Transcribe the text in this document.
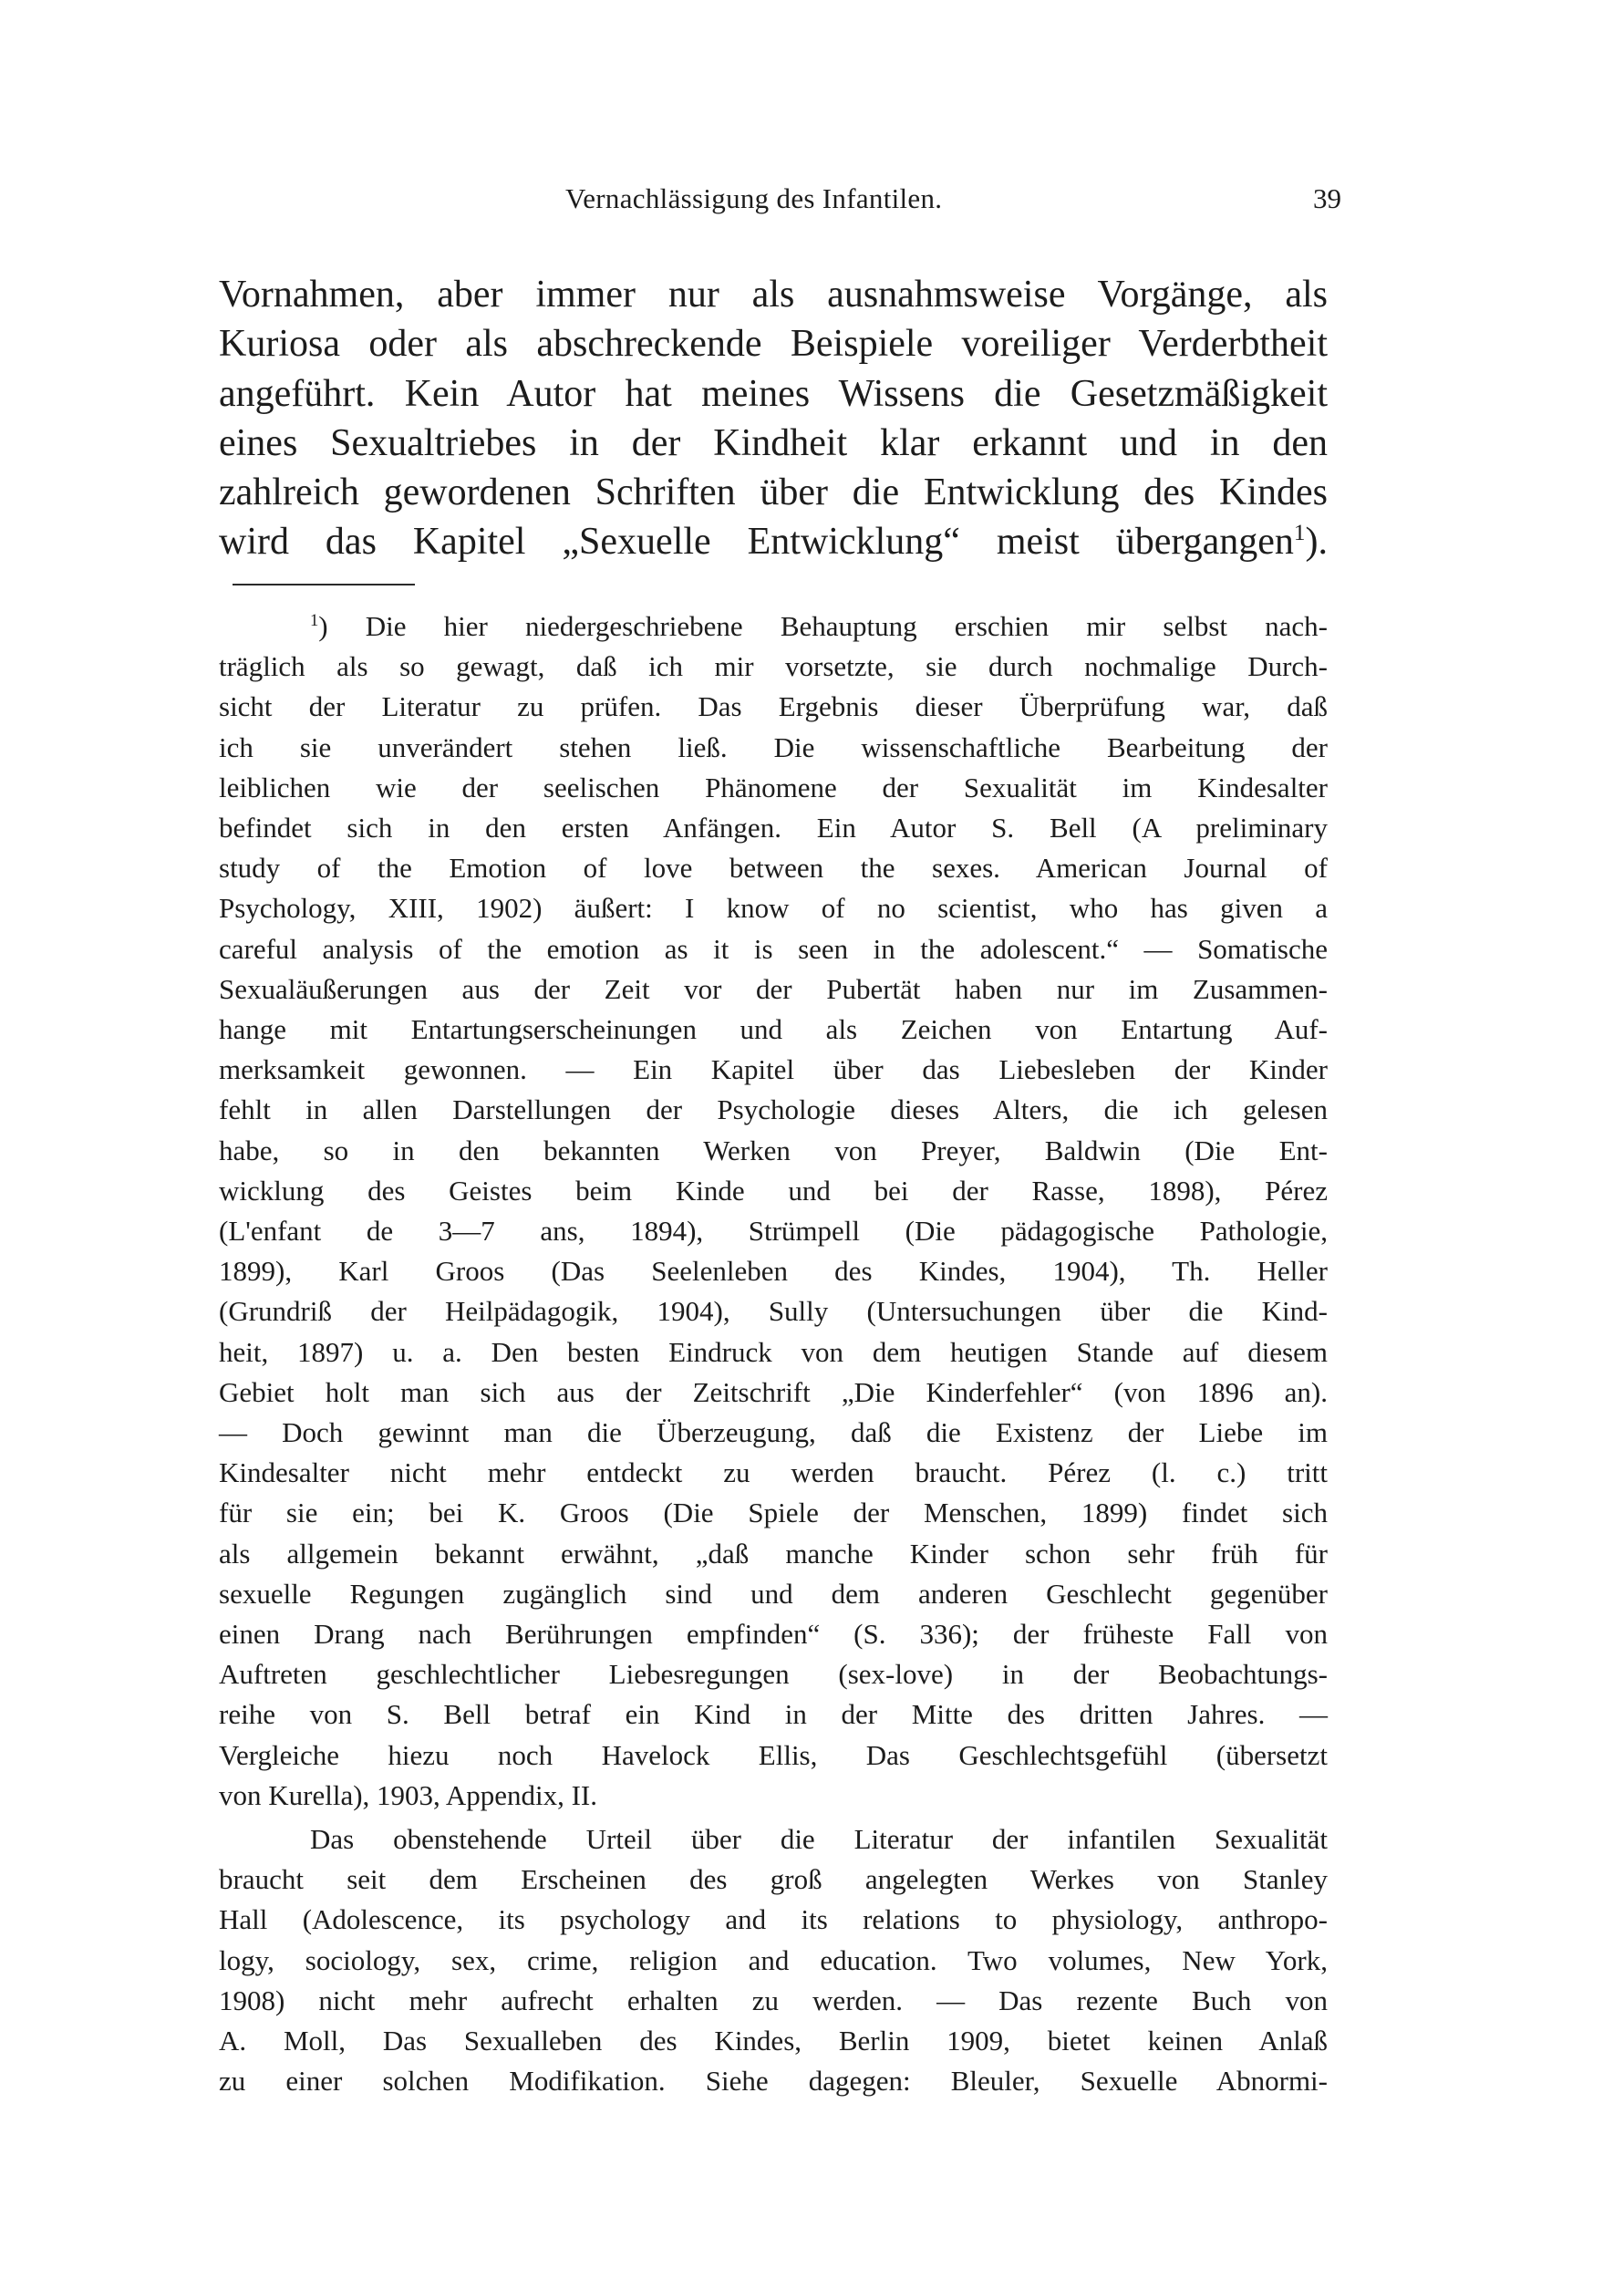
Vernachlässigung des Infantilen.	39
Vornahmen, aber immer nur als ausnahmsweise Vorgänge, als
Kuriosa oder als abschreckende Beispiele voreiliger Verderbtheit
angeführt. Kein Autor hat meines Wissens die Gesetzmäßigkeit
eines Sexualtriebes in der Kindheit klar erkannt und in den
zahlreich gewordenen Schriften über die Entwicklung des Kindes
wird das Kapitel „Sexuelle Entwicklung“ meist übergangen$^1$).
$^1$) Die hier niedergeschriebene Behauptung erschien mir selbst nach-
träglich als so gewagt, daß ich mir vorsetzte, sie durch nochmalige Durch-
sicht der Literatur zu prüfen. Das Ergebnis dieser Überprüfung war, daß
ich sie unverändert stehen ließ. Die wissenschaftliche Bearbeitung der
leiblichen wie der seelischen Phänomene der Sexualität im Kindesalter
befindet sich in den ersten Anfängen. Ein Autor S. Bell (A preliminary
study of the Emotion of love between the sexes. American Journal of
Psychology, XIII, 1902) äußert: I know of no scientist, who has given a
careful analysis of the emotion as it is seen in the adolescent.“ — Somatische
Sexualäußerungen aus der Zeit vor der Pubertät haben nur im Zusammen-
hange mit Entartungserscheinungen und als Zeichen von Entartung Auf-
merksamkeit gewonnen. — Ein Kapitel über das Liebesleben der Kinder
fehlt in allen Darstellungen der Psychologie dieses Alters, die ich gelesen
habe, so in den bekannten Werken von Preyer, Baldwin (Die Ent-
wicklung des Geistes beim Kinde und bei der Rasse, 1898), Pérez
(L'enfant de 3—7 ans, 1894), Strümpell (Die pädagogische Pathologie,
1899), Karl Groos (Das Seelenleben des Kindes, 1904), Th. Heller
(Grundriß der Heilpädagogik, 1904), Sully (Untersuchungen über die Kind-
heit, 1897) u. a. Den besten Eindruck von dem heutigen Stande auf diesem
Gebiet holt man sich aus der Zeitschrift „Die Kinderfehler“ (von 1896 an).
— Doch gewinnt man die Überzeugung, daß die Existenz der Liebe im
Kindesalter nicht mehr entdeckt zu werden braucht. Pérez (l. c.) tritt
für sie ein; bei K. Groos (Die Spiele der Menschen, 1899) findet sich
als allgemein bekannt erwähnt, „daß manche Kinder schon sehr früh für
sexuelle Regungen zugänglich sind und dem anderen Geschlecht gegenüber
einen Drang nach Berührungen empfinden“ (S. 336); der früheste Fall von
Auftreten geschlechtlicher Liebesregungen (sex-love) in der Beobachtungs-
reihe von S. Bell betraf ein Kind in der Mitte des dritten Jahres. —
Vergleiche hiezu noch Havelock Ellis, Das Geschlechtsgefühl (übersetzt
von Kurella), 1903, Appendix, II.
Das obenstehende Urteil über die Literatur der infantilen Sexualität
braucht seit dem Erscheinen des groß angelegten Werkes von Stanley
Hall (Adolescence, its psychology and its relations to physiology, anthropo-
logy, sociology, sex, crime, religion and education. Two volumes, New York,
1908) nicht mehr aufrecht erhalten zu werden. — Das rezente Buch von
A. Moll, Das Sexualleben des Kindes, Berlin 1909, bietet keinen Anlaß
zu einer solchen Modifikation. Siehe dagegen: Bleuler, Sexuelle Abnormi-
